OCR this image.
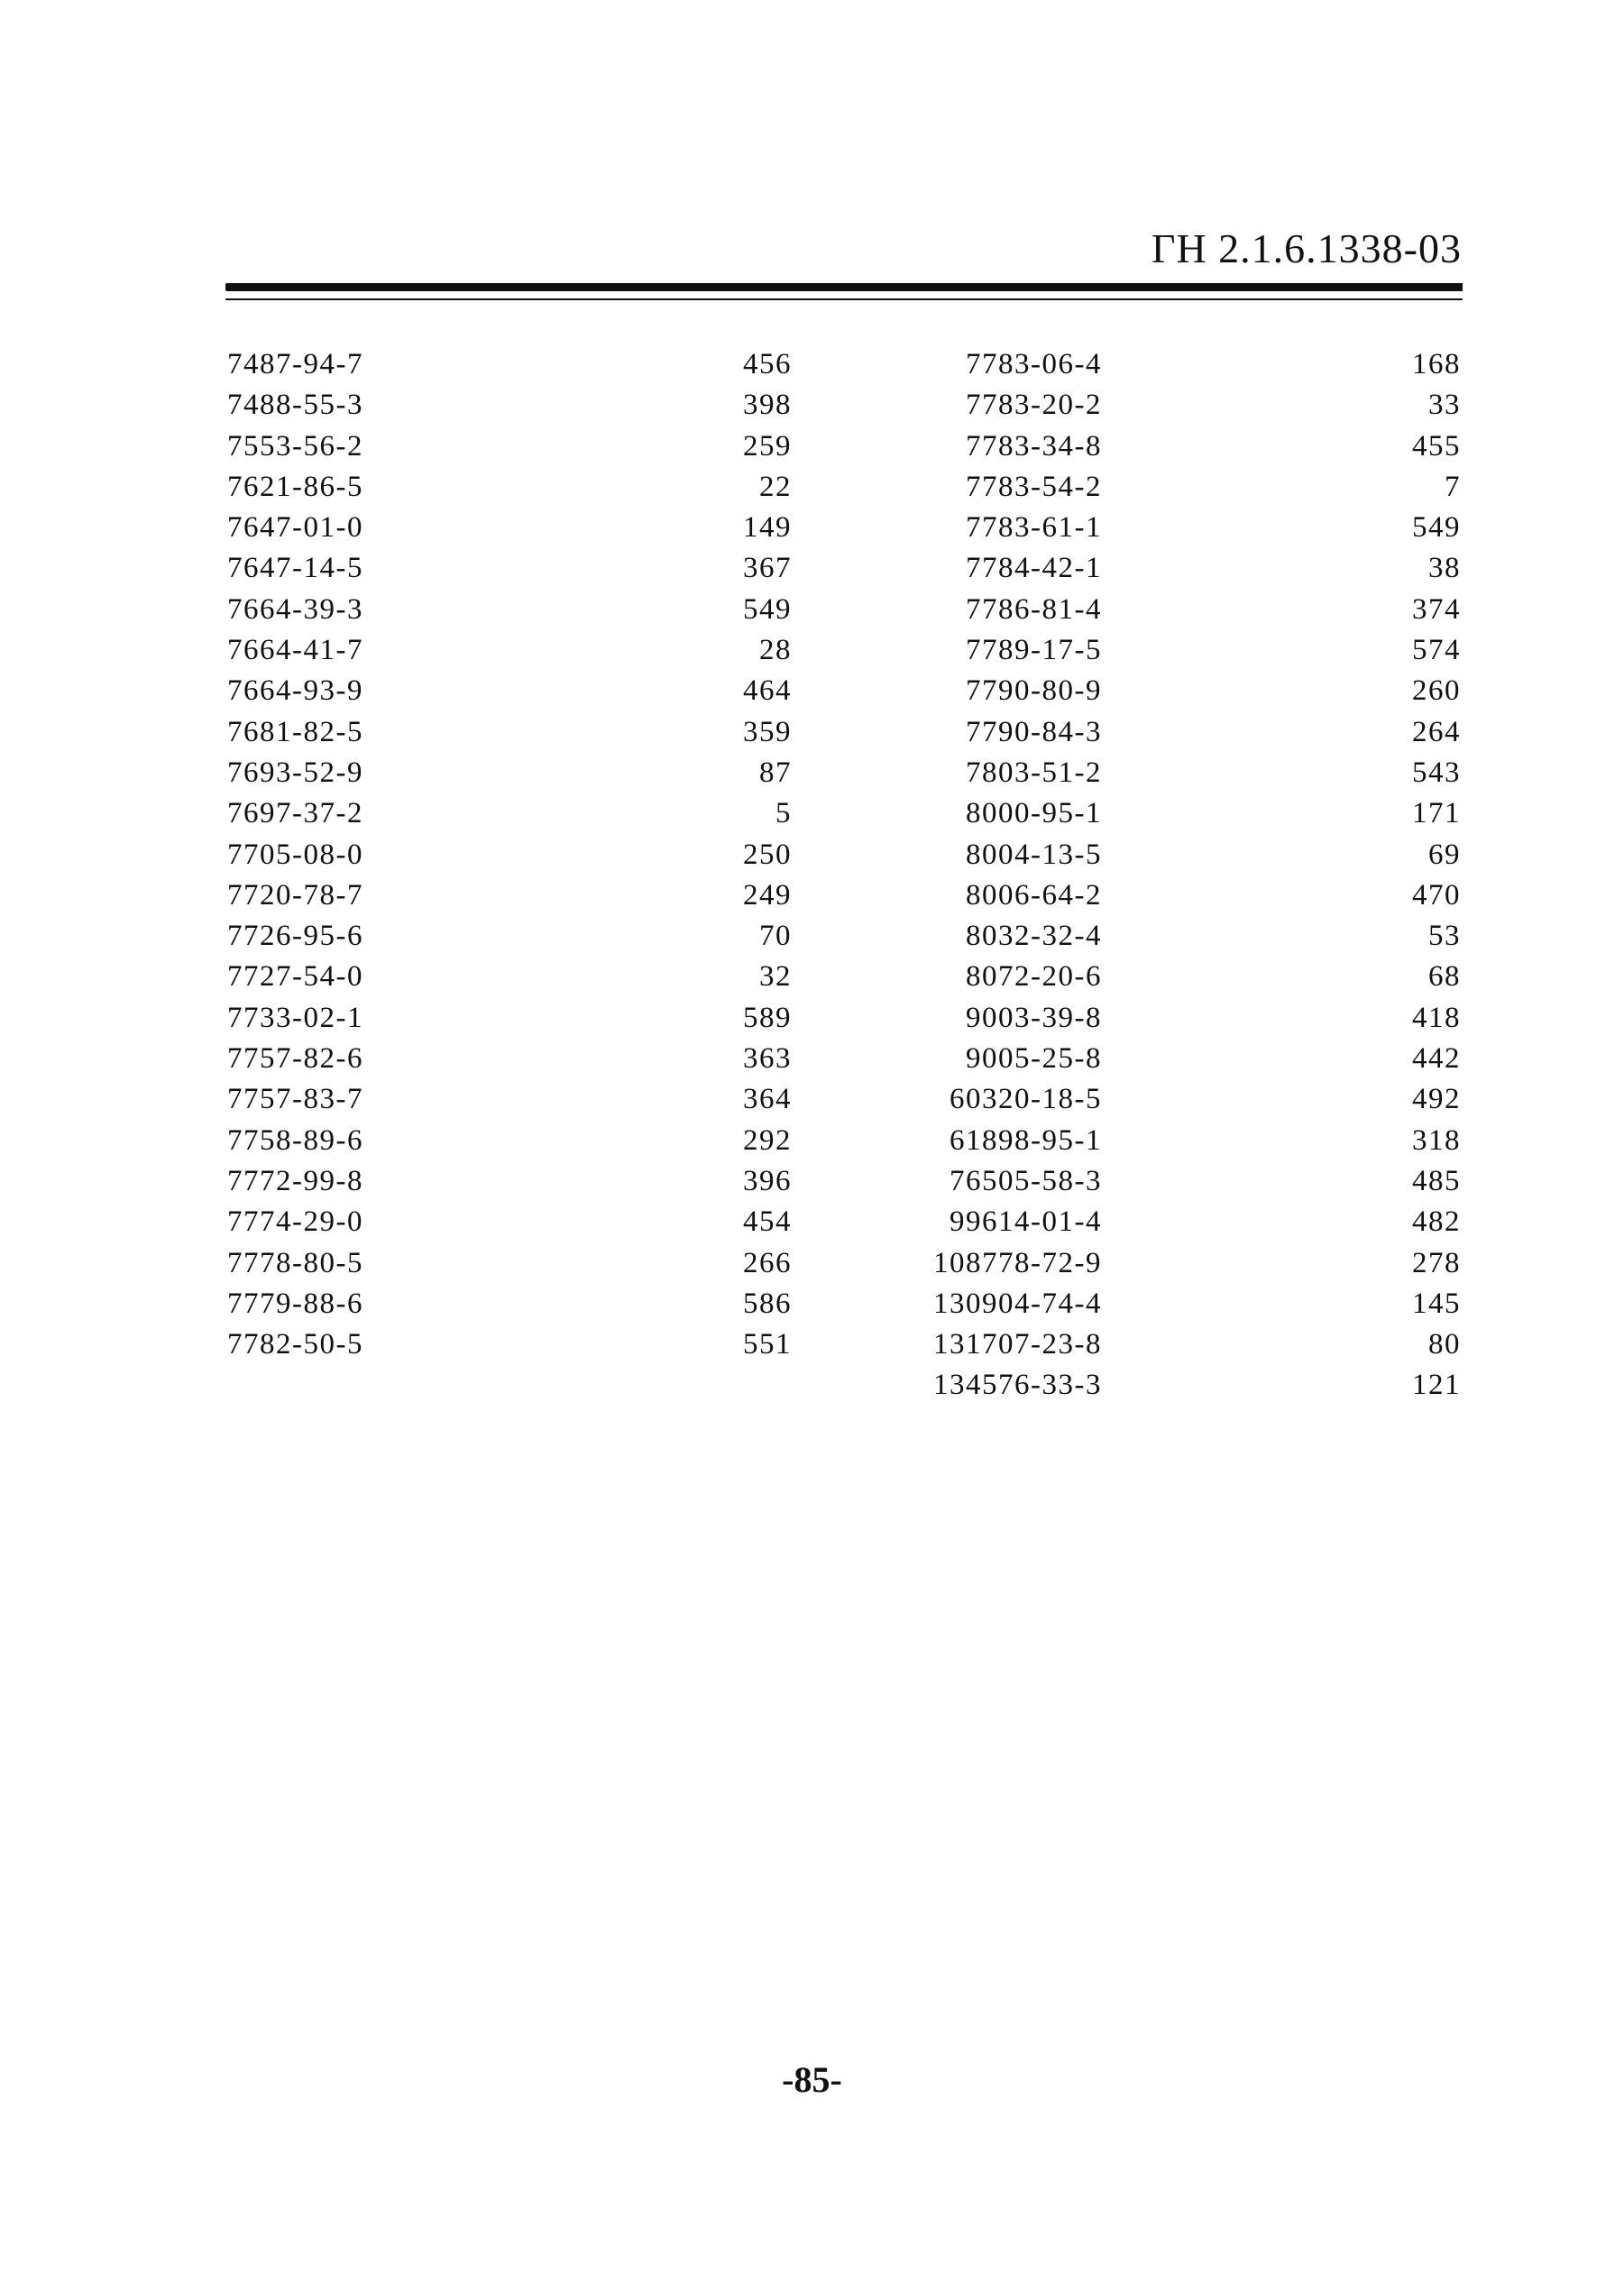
ГН 2.1.6.1338-03
7487-94-7	456
7488-55-3	398
7553-56-2	259
7621-86-5	22
7647-01-0	149
7647-14-5	367
7664-39-3	549
7664-41-7	28
7664-93-9	464
7681-82-5	359
7693-52-9	87
7697-37-2	5
7705-08-0	250
7720-78-7	249
7726-95-6	70
7727-54-0	32
7733-02-1	589
7757-82-6	363
7757-83-7	364
7758-89-6	292
7772-99-8	396
7774-29-0	454
7778-80-5	266
7779-88-6	586
7782-50-5	551
7783-06-4	168
7783-20-2	33
7783-34-8	455
7783-54-2	7
7783-61-1	549
7784-42-1	38
7786-81-4	374
7789-17-5	574
7790-80-9	260
7790-84-3	264
7803-51-2	543
8000-95-1	171
8004-13-5	69
8006-64-2	470
8032-32-4	53
8072-20-6	68
9003-39-8	418
9005-25-8	442
60320-18-5	492
61898-95-1	318
76505-58-3	485
99614-01-4	482
108778-72-9	278
130904-74-4	145
131707-23-8	80
134576-33-3	121
-85-
